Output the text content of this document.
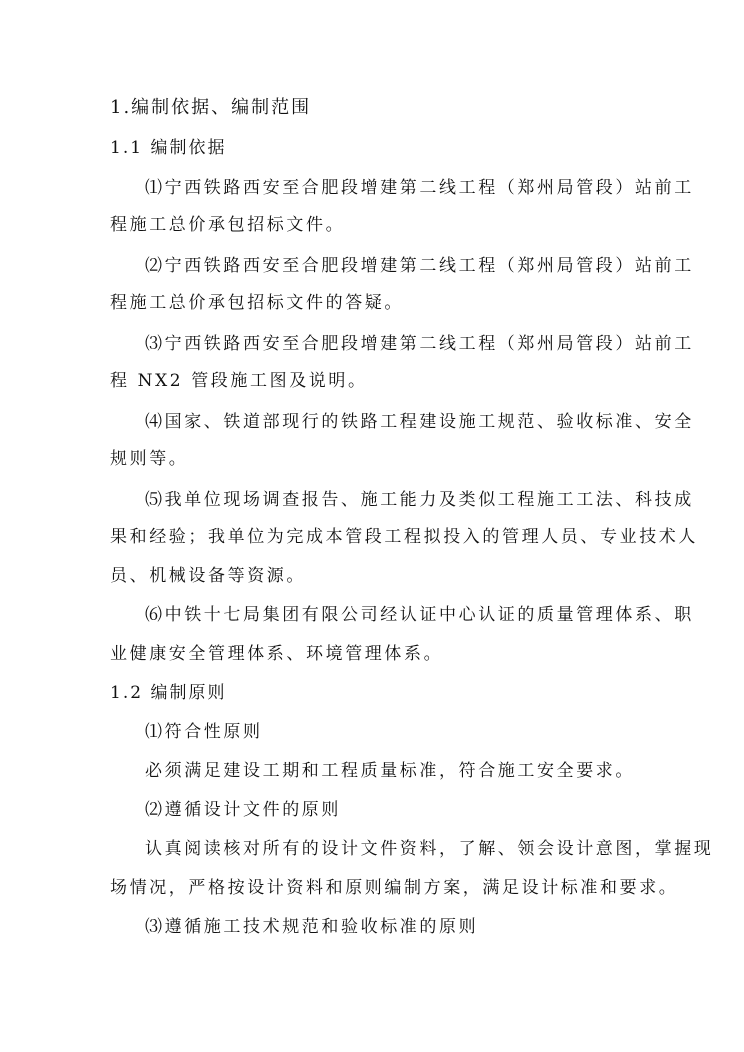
1.编制依据、编制范围
1.1 编制依据
⑴宁西铁路西安至合肥段增建第二线工程（郑州局管段）站前工
程施工总价承包招标文件。
⑵宁西铁路西安至合肥段增建第二线工程（郑州局管段）站前工
程施工总价承包招标文件的答疑。
⑶宁西铁路西安至合肥段增建第二线工程（郑州局管段）站前工
程 NX2 管段施工图及说明。
⑷国家、铁道部现行的铁路工程建设施工规范、验收标准、安全
规则等。
⑸我单位现场调查报告、施工能力及类似工程施工工法、科技成
果和经验；我单位为完成本管段工程拟投入的管理人员、专业技术人
员、机械设备等资源。
⑹中铁十七局集团有限公司经认证中心认证的质量管理体系、职
业健康安全管理体系、环境管理体系。
1.2 编制原则
⑴符合性原则
必须满足建设工期和工程质量标准，符合施工安全要求。
⑵遵循设计文件的原则
认真阅读核对所有的设计文件资料，了解、领会设计意图，掌握现
场情况，严格按设计资料和原则编制方案，满足设计标准和要求。
⑶遵循施工技术规范和验收标准的原则
